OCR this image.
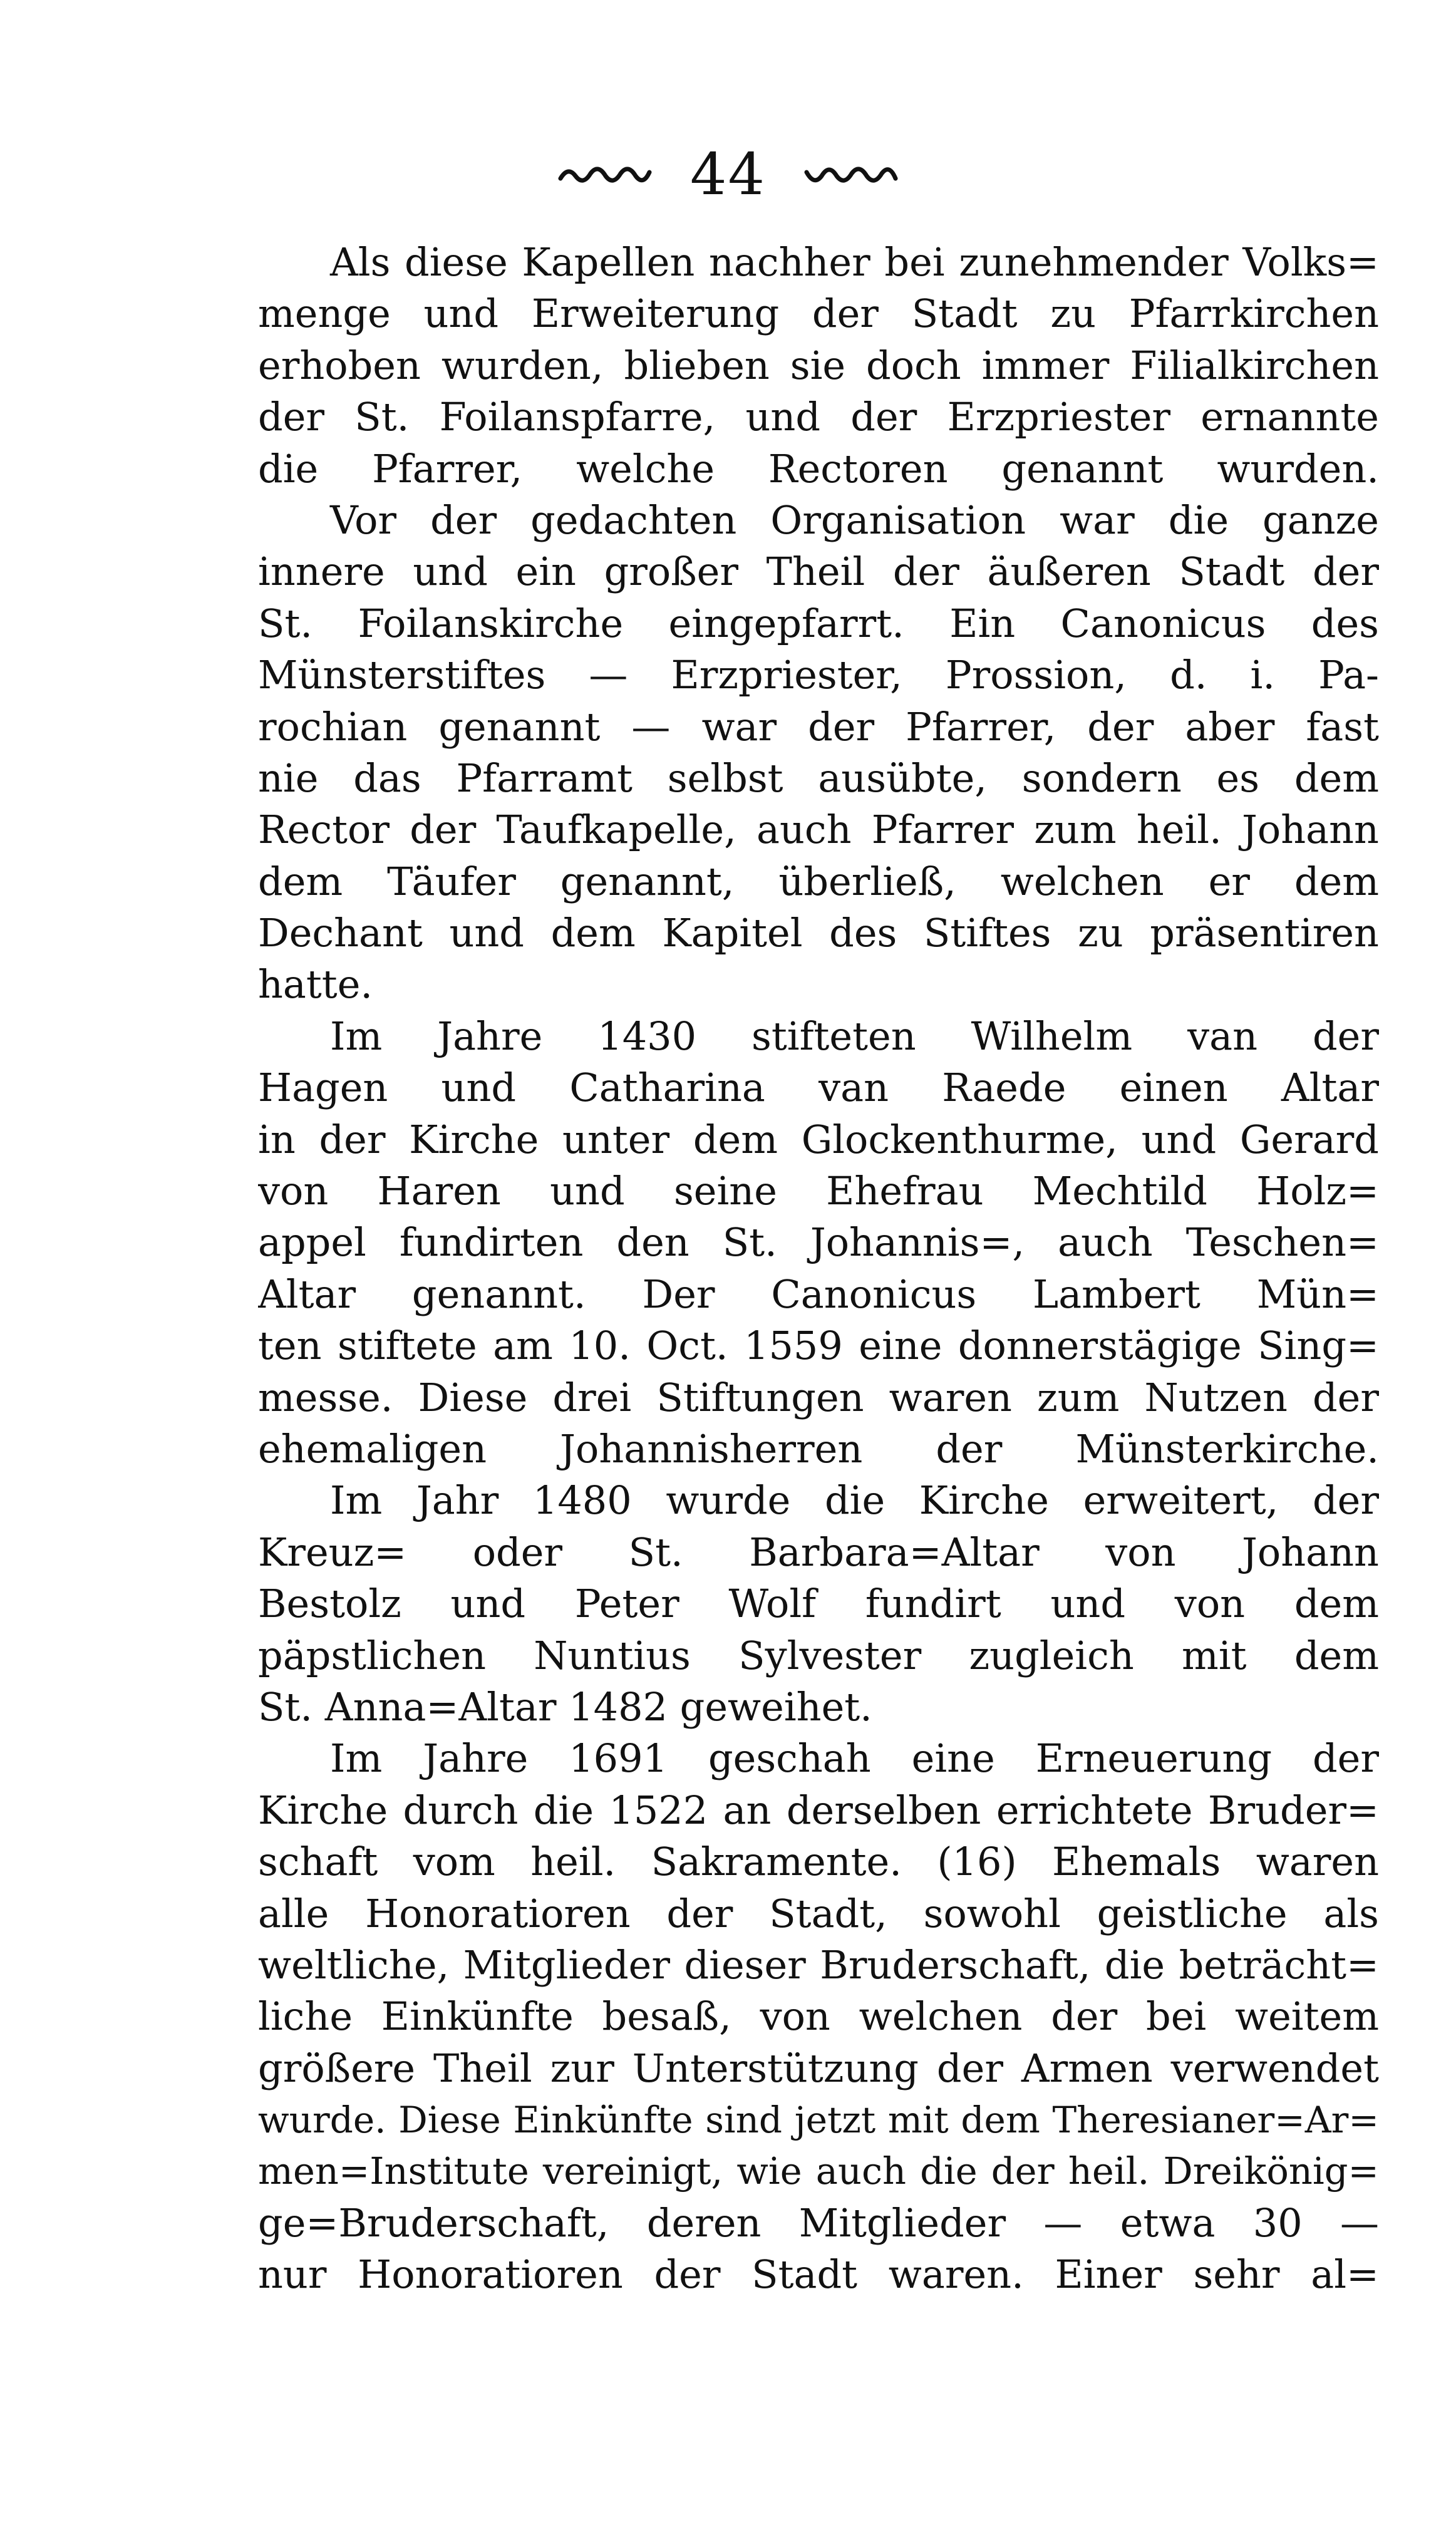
44
Als diese Kapellen nachher bei zunehmender Volks=
menge und Erweiterung der Stadt zu Pfarrkirchen
erhoben wurden, blieben sie doch immer Filialkirchen
der St. Foilanspfarre, und der Erzpriester ernannte
die Pfarrer, welche Rectoren genannt wurden.
Vor der gedachten Organisation war die ganze
innere und ein großer Theil der äußeren Stadt der
St. Foilanskirche eingepfarrt. Ein Canonicus des
Münsterstiftes — Erzpriester, Prossion, d. i. Pa-
rochian genannt — war der Pfarrer, der aber fast
nie das Pfarramt selbst ausübte, sondern es dem
Rector der Taufkapelle, auch Pfarrer zum heil. Johann
dem Täufer genannt, überließ, welchen er dem
Dechant und dem Kapitel des Stiftes zu präsentiren
hatte.
Im Jahre 1430 stifteten Wilhelm van der
Hagen und Catharina van Raede einen Altar
in der Kirche unter dem Glockenthurme, und Gerard
von Haren und seine Ehefrau Mechtild Holz=
appel fundirten den St. Johannis=, auch Teschen=
Altar genannt. Der Canonicus Lambert Mün=
ten stiftete am 10. Oct. 1559 eine donnerstägige Sing=
messe. Diese drei Stiftungen waren zum Nutzen der
ehemaligen Johannisherren der Münsterkirche.
Im Jahr 1480 wurde die Kirche erweitert, der
Kreuz= oder St. Barbara=Altar von Johann
Bestolz und Peter Wolf fundirt und von dem
päpstlichen Nuntius Sylvester zugleich mit dem
St. Anna=Altar 1482 geweihet.
Im Jahre 1691 geschah eine Erneuerung der
Kirche durch die 1522 an derselben errichtete Bruder=
schaft vom heil. Sakramente. (16) Ehemals waren
alle Honoratioren der Stadt, sowohl geistliche als
weltliche, Mitglieder dieser Bruderschaft, die beträcht=
liche Einkünfte besaß, von welchen der bei weitem
größere Theil zur Unterstützung der Armen verwendet
wurde. Diese Einkünfte sind jetzt mit dem Theresianer=Ar=
men=Institute vereinigt, wie auch die der heil. Dreikönig=
ge=Bruderschaft, deren Mitglieder — etwa 30 —
nur Honoratioren der Stadt waren. Einer sehr al=
